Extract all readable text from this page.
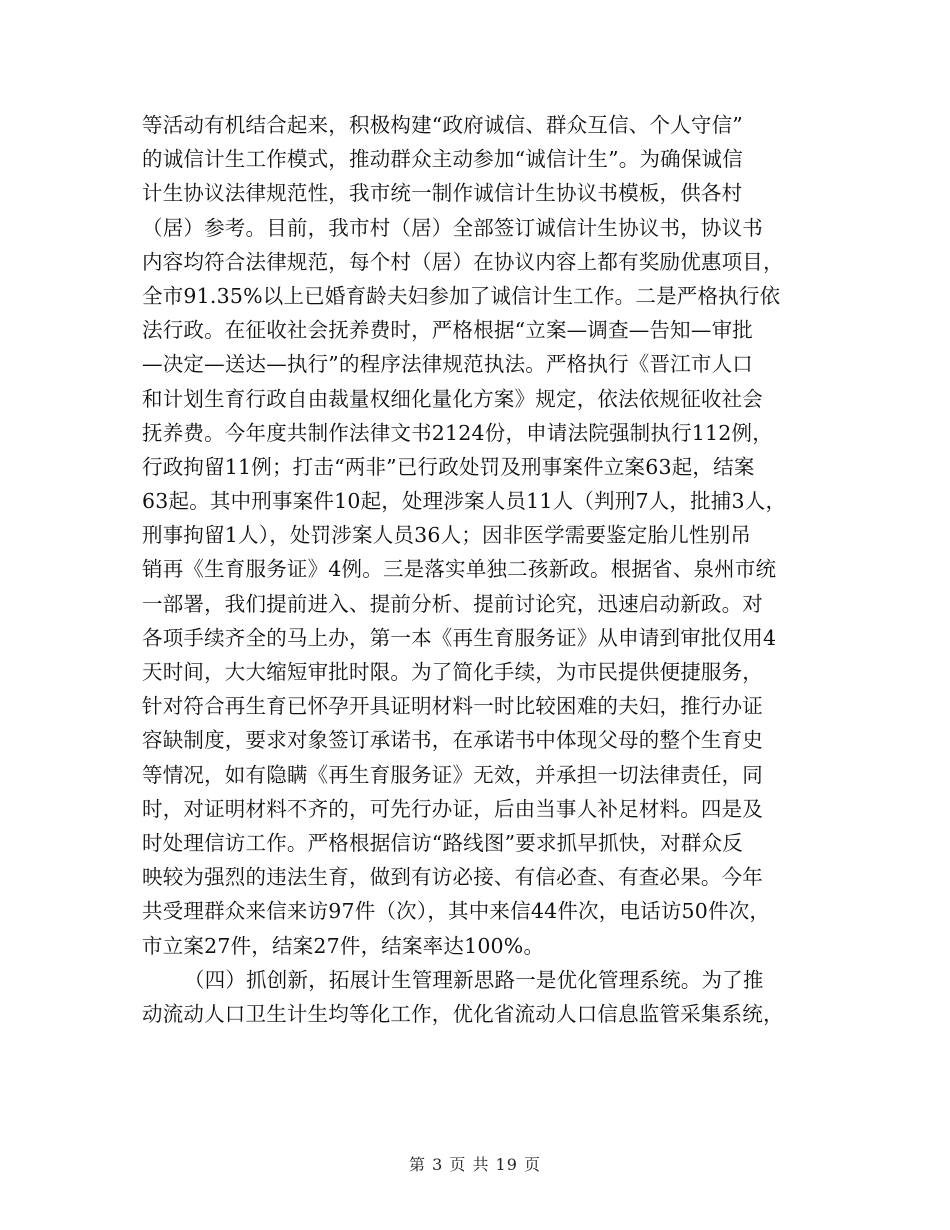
等活动有机结合起来，积极构建“政府诚信、群众互信、个人守信”
的诚信计生工作模式，推动群众主动参加“诚信计生”。为确保诚信
计生协议法律规范性，我市统一制作诚信计生协议书模板，供各村
（居）参考。目前，我市村（居）全部签订诚信计生协议书，协议书
内容均符合法律规范，每个村（居）在协议内容上都有奖励优惠项目，
全市91.35%以上已婚育龄夫妇参加了诚信计生工作。二是严格执行依
法行政。在征收社会抚养费时，严格根据“立案—调查—告知—审批
—决定—送达—执行”的程序法律规范执法。严格执行《晋江市人口
和计划生育行政自由裁量权细化量化方案》规定，依法依规征收社会
抚养费。今年度共制作法律文书2124份，申请法院强制执行112例，
行政拘留11例；打击“两非”已行政处罚及刑事案件立案63起，结案
63起。其中刑事案件10起，处理涉案人员11人（判刑7人，批捕3人，
刑事拘留1人），处罚涉案人员36人；因非医学需要鉴定胎儿性别吊
销再《生育服务证》4例。三是落实单独二孩新政。根据省、泉州市统
一部署，我们提前进入、提前分析、提前讨论究，迅速启动新政。对
各项手续齐全的马上办，第一本《再生育服务证》从申请到审批仅用4
天时间，大大缩短审批时限。为了简化手续，为市民提供便捷服务，
针对符合再生育已怀孕开具证明材料一时比较困难的夫妇，推行办证
容缺制度，要求对象签订承诺书，在承诺书中体现父母的整个生育史
等情况，如有隐瞒《再生育服务证》无效，并承担一切法律责任，同
时，对证明材料不齐的，可先行办证，后由当事人补足材料。四是及
时处理信访工作。严格根据信访“路线图”要求抓早抓快，对群众反
映较为强烈的违法生育，做到有访必接、有信必查、有查必果。今年
共受理群众来信来访97件（次），其中来信44件次，电话访50件次，
市立案27件，结案27件，结案率达100%。
（四）抓创新，拓展计生管理新思路一是优化管理系统。为了推
动流动人口卫生计生均等化工作，优化省流动人口信息监管采集系统，
第 3 页 共 19 页
